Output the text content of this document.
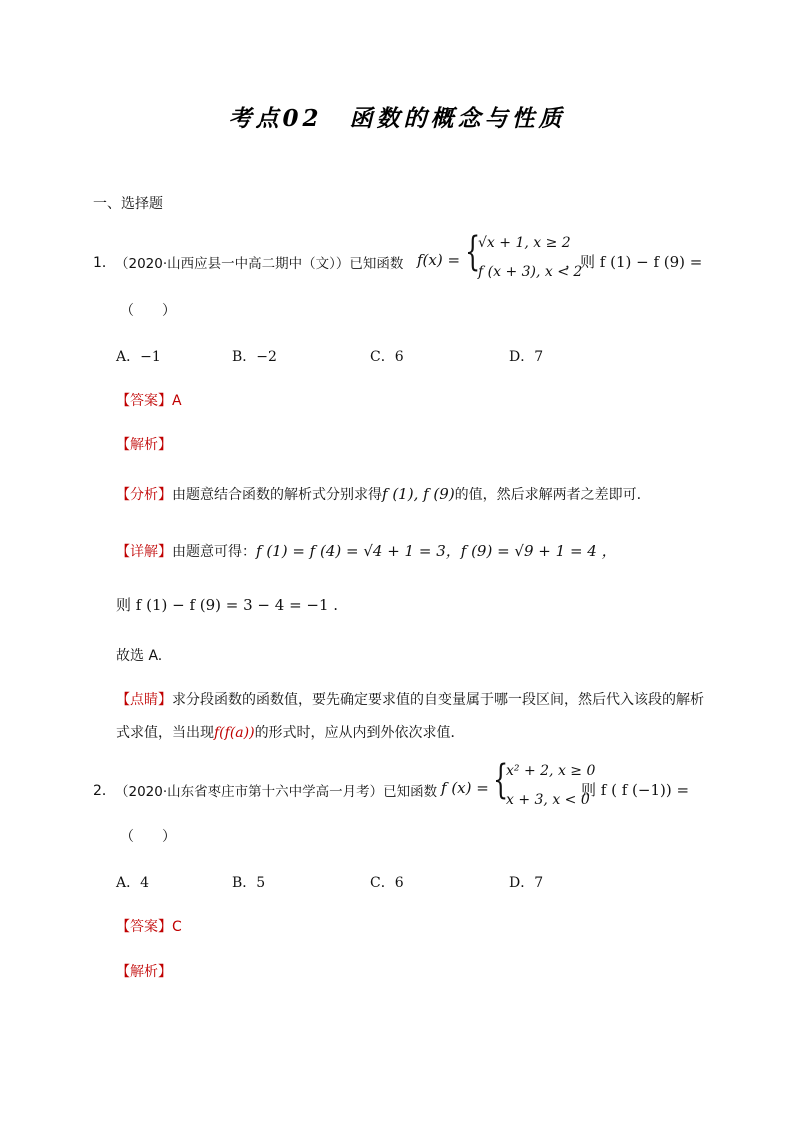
考点02　函数的概念与性质
一、选择题
1． （2020·山西应县一中高二期中（文））已知函数 f(x) = {
√x + 1, x ≥ 2
f (x + 3), x < 2
，则 f (1) − f (9) =
（　　）
A．−1	B．−2	C．6	D．7
【答案】A
【解析】
【分析】由题意结合函数的解析式分别求得f (1), f (9)的值，然后求解两者之差即可.
【详解】由题意可得：f (1) = f (4) = √4 + 1 = 3，f (9) = √9 + 1 = 4 ，
则 f (1) − f (9) = 3 − 4 = −1 .
故选 A.
【点睛】求分段函数的函数值，要先确定要求值的自变量属于哪一段区间，然后代入该段的解析
式求值，当出现f(f(a))的形式时，应从内到外依次求值．
2． （2020·山东省枣庄市第十六中学高一月考）已知函数 f (x) = {
x² + 2, x ≥ 0
x + 3, x < 0
则 f ( f (−1)) =
（　　）
A．4	B．5	C．6	D．7
【答案】C
【解析】
